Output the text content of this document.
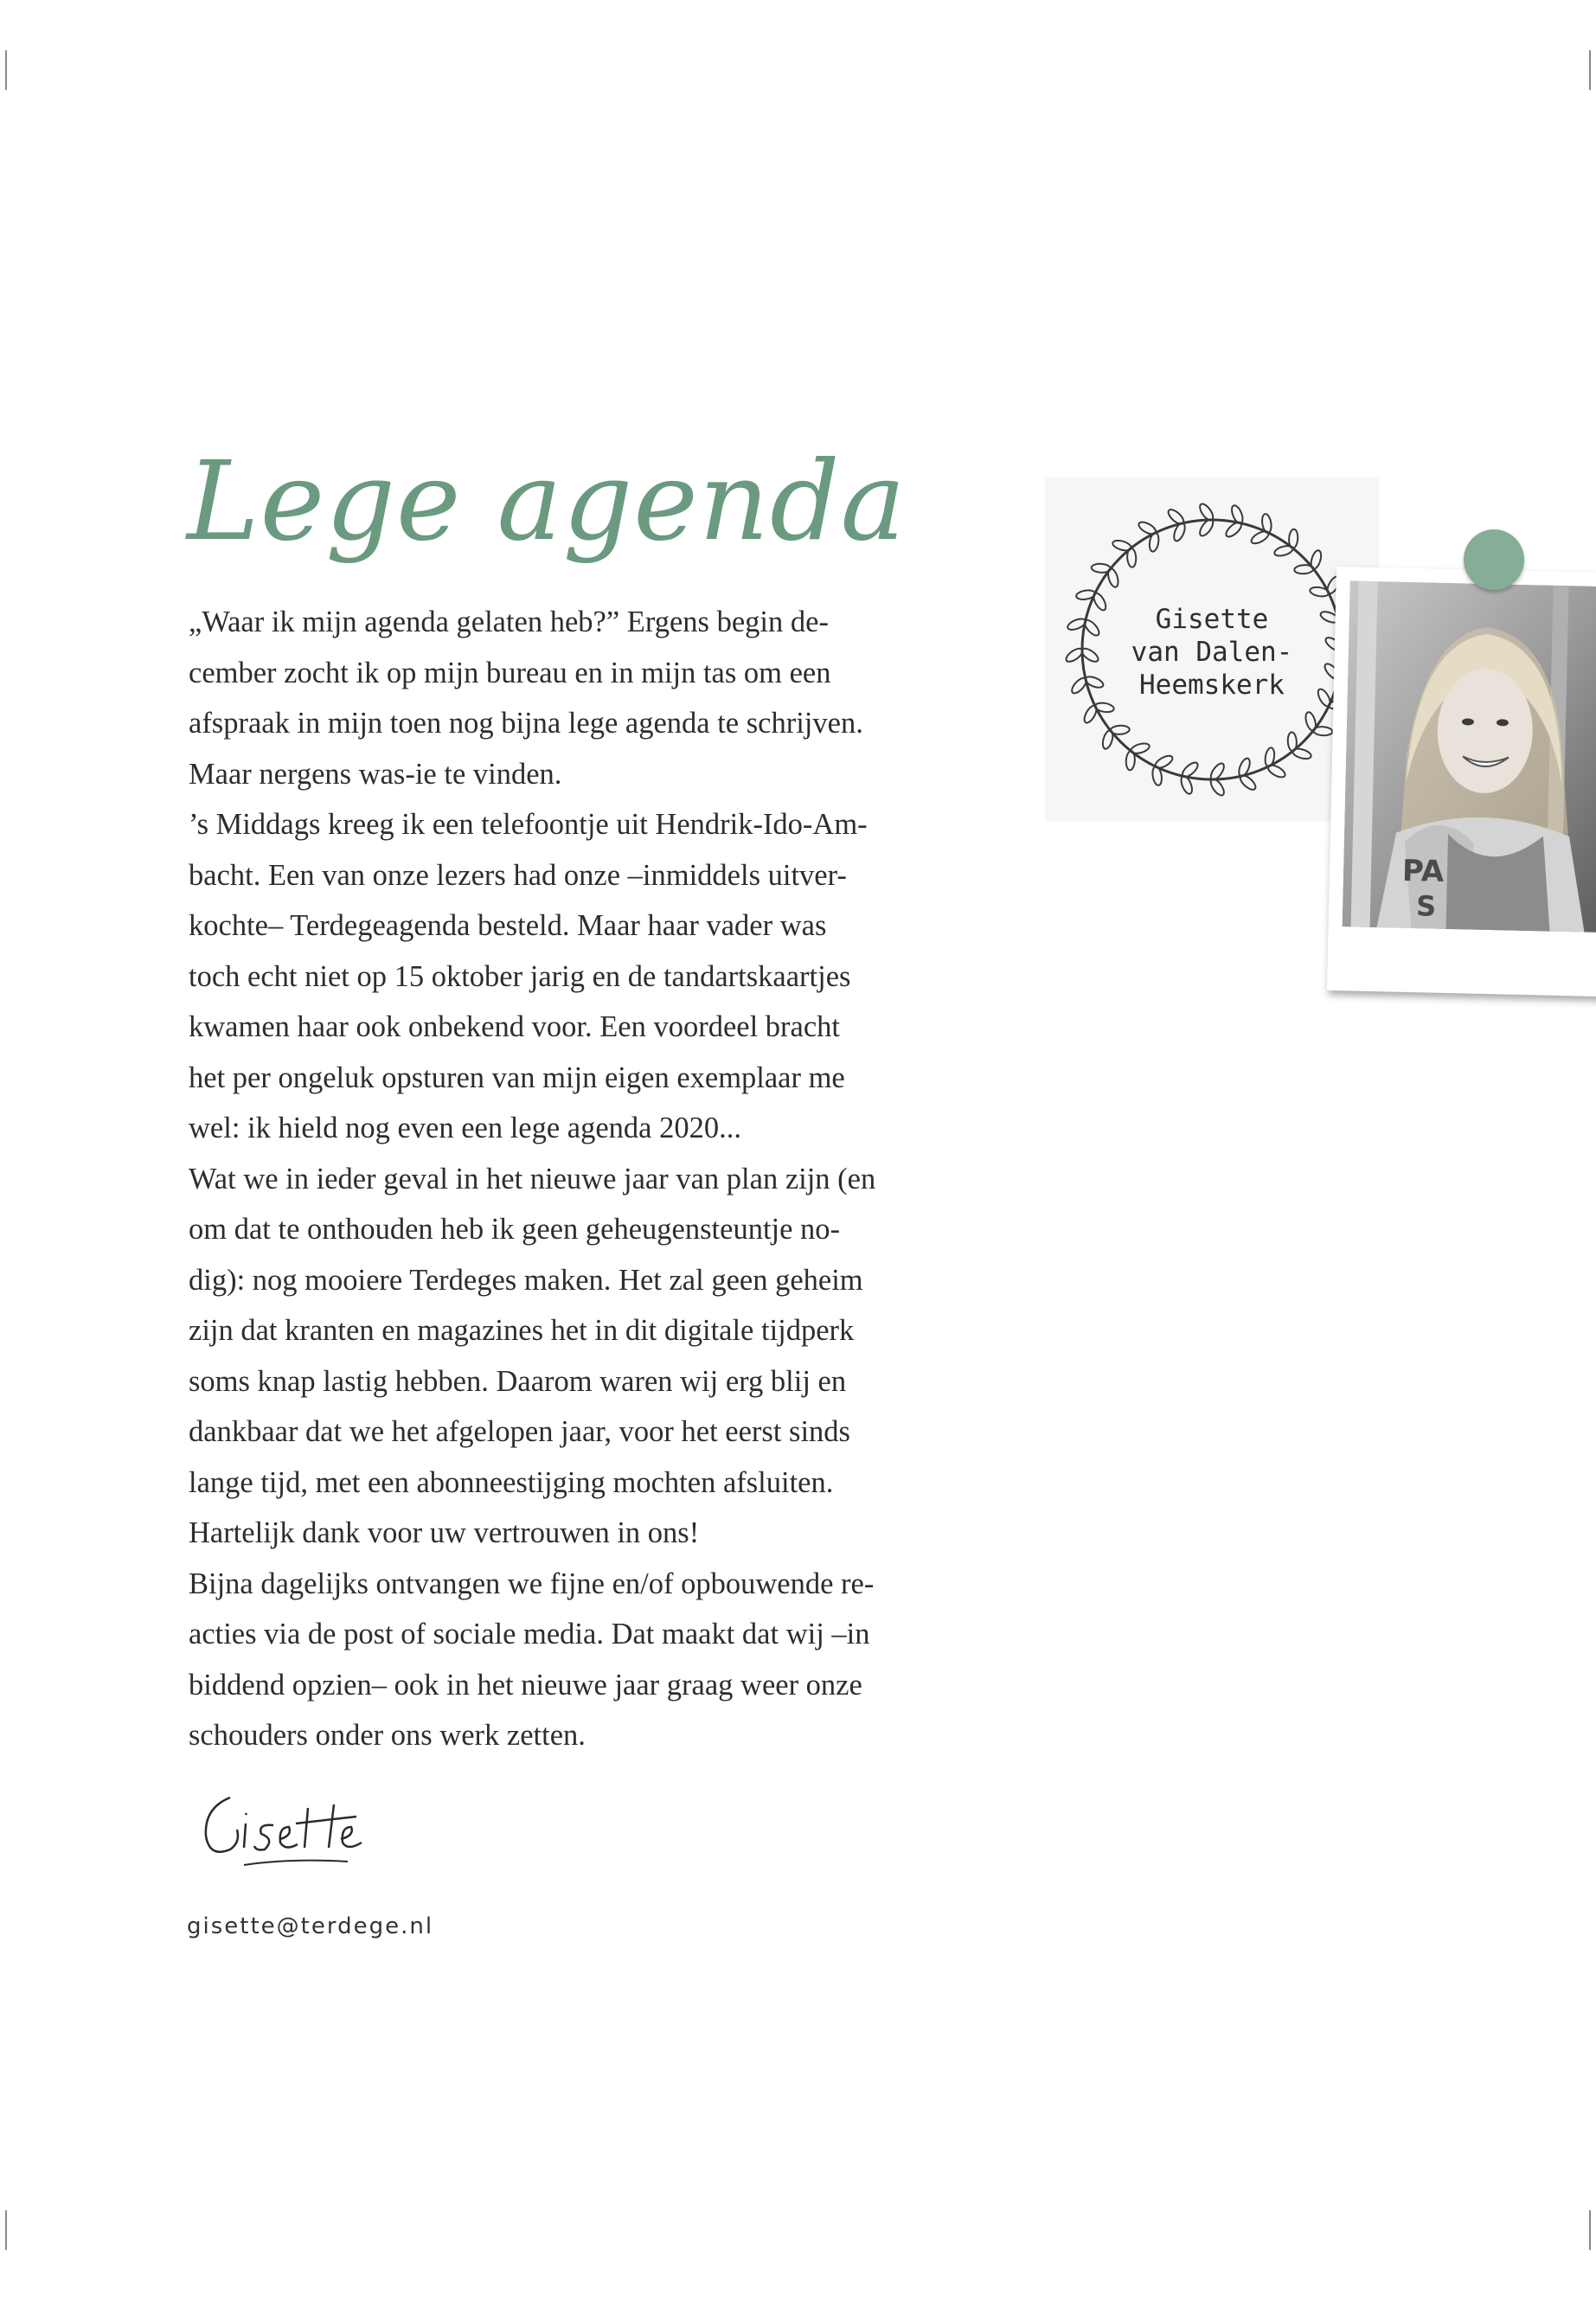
Lege agenda
„Waar ik mijn agenda gelaten heb?” Ergens begin de-
cember zocht ik op mijn bureau en in mijn tas om een
afspraak in mijn toen nog bijna lege agenda te schrijven.
Maar nergens was-ie te vinden.
’s Middags kreeg ik een telefoontje uit Hendrik-Ido-Am-
bacht. Een van onze lezers had onze –inmiddels uitver-
kochte– Terdegeagenda besteld. Maar haar vader was
toch echt niet op 15 oktober jarig en de tandartskaartjes
kwamen haar ook onbekend voor. Een voordeel bracht
het per ongeluk opsturen van mijn eigen exemplaar me
wel: ik hield nog even een lege agenda 2020...
Wat we in ieder geval in het nieuwe jaar van plan zijn (en
om dat te onthouden heb ik geen geheugensteuntje no-
dig): nog mooiere Terdeges maken. Het zal geen geheim
zijn dat kranten en magazines het in dit digitale tijdperk
soms knap lastig hebben. Daarom waren wij erg blij en
dankbaar dat we het afgelopen jaar, voor het eerst sinds
lange tijd, met een abonneestijging mochten afsluiten.
Hartelijk dank voor uw vertrouwen in ons!
Bijna dagelijks ontvangen we fijne en/of opbouwende re-
acties via de post of sociale media. Dat maakt dat wij –in
biddend opzien– ook in het nieuwe jaar graag weer onze
schouders onder ons werk zetten.
Gisette
van Dalen-
Heemskerk
PA
S
gisette@terdege.nl
